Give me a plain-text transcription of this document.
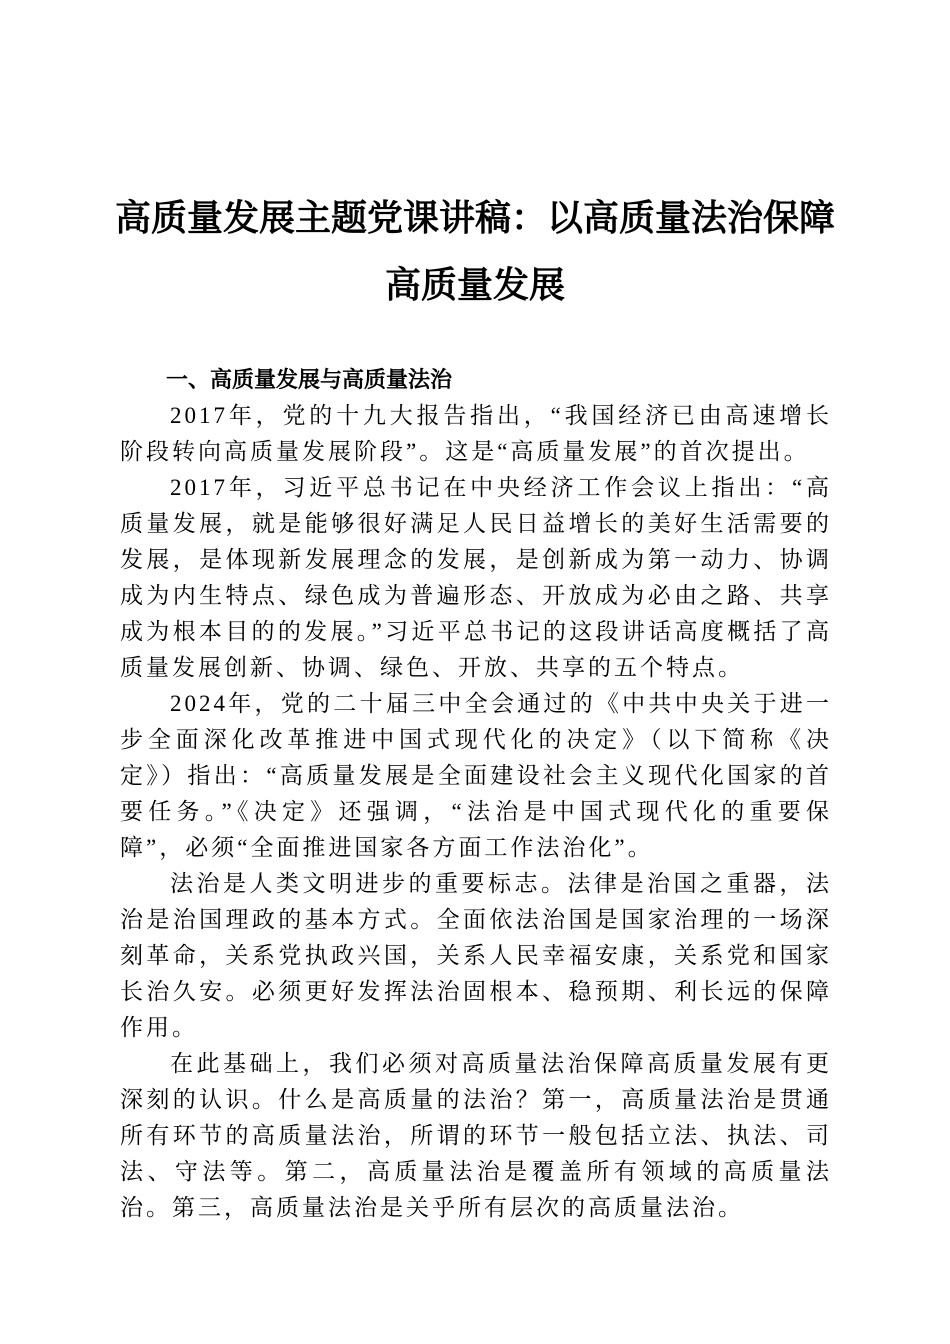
高质量发展主题党课讲稿：以高质量法治保障
高质量发展

一、高质量发展与高质量法治

2017年，党的十九大报告指出，“我国经济已由高速增长阶段转向高质量发展阶段”。这是“高质量发展”的首次提出。

2017年，习近平总书记在中央经济工作会议上指出：“高质量发展，就是能够很好满足人民日益增长的美好生活需要的发展，是体现新发展理念的发展，是创新成为第一动力、协调成为内生特点、绿色成为普遍形态、开放成为必由之路、共享成为根本目的的发展。”习近平总书记的这段讲话高度概括了高质量发展创新、协调、绿色、开放、共享的五个特点。

2024年，党的二十届三中全会通过的《中共中央关于进一步全面深化改革推进中国式现代化的决定》（以下简称《决定》）指出：“高质量发展是全面建设社会主义现代化国家的首要任务。”《决定》还强调，“法治是中国式现代化的重要保障”，必须“全面推进国家各方面工作法治化”。

法治是人类文明进步的重要标志。法律是治国之重器，法治是治国理政的基本方式。全面依法治国是国家治理的一场深刻革命，关系党执政兴国，关系人民幸福安康，关系党和国家长治久安。必须更好发挥法治固根本、稳预期、利长远的保障作用。

在此基础上，我们必须对高质量法治保障高质量发展有更深刻的认识。什么是高质量的法治？第一，高质量法治是贯通所有环节的高质量法治，所谓的环节一般包括立法、执法、司法、守法等。第二，高质量法治是覆盖所有领域的高质量法治。第三，高质量法治是关乎所有层次的高质量法治。
